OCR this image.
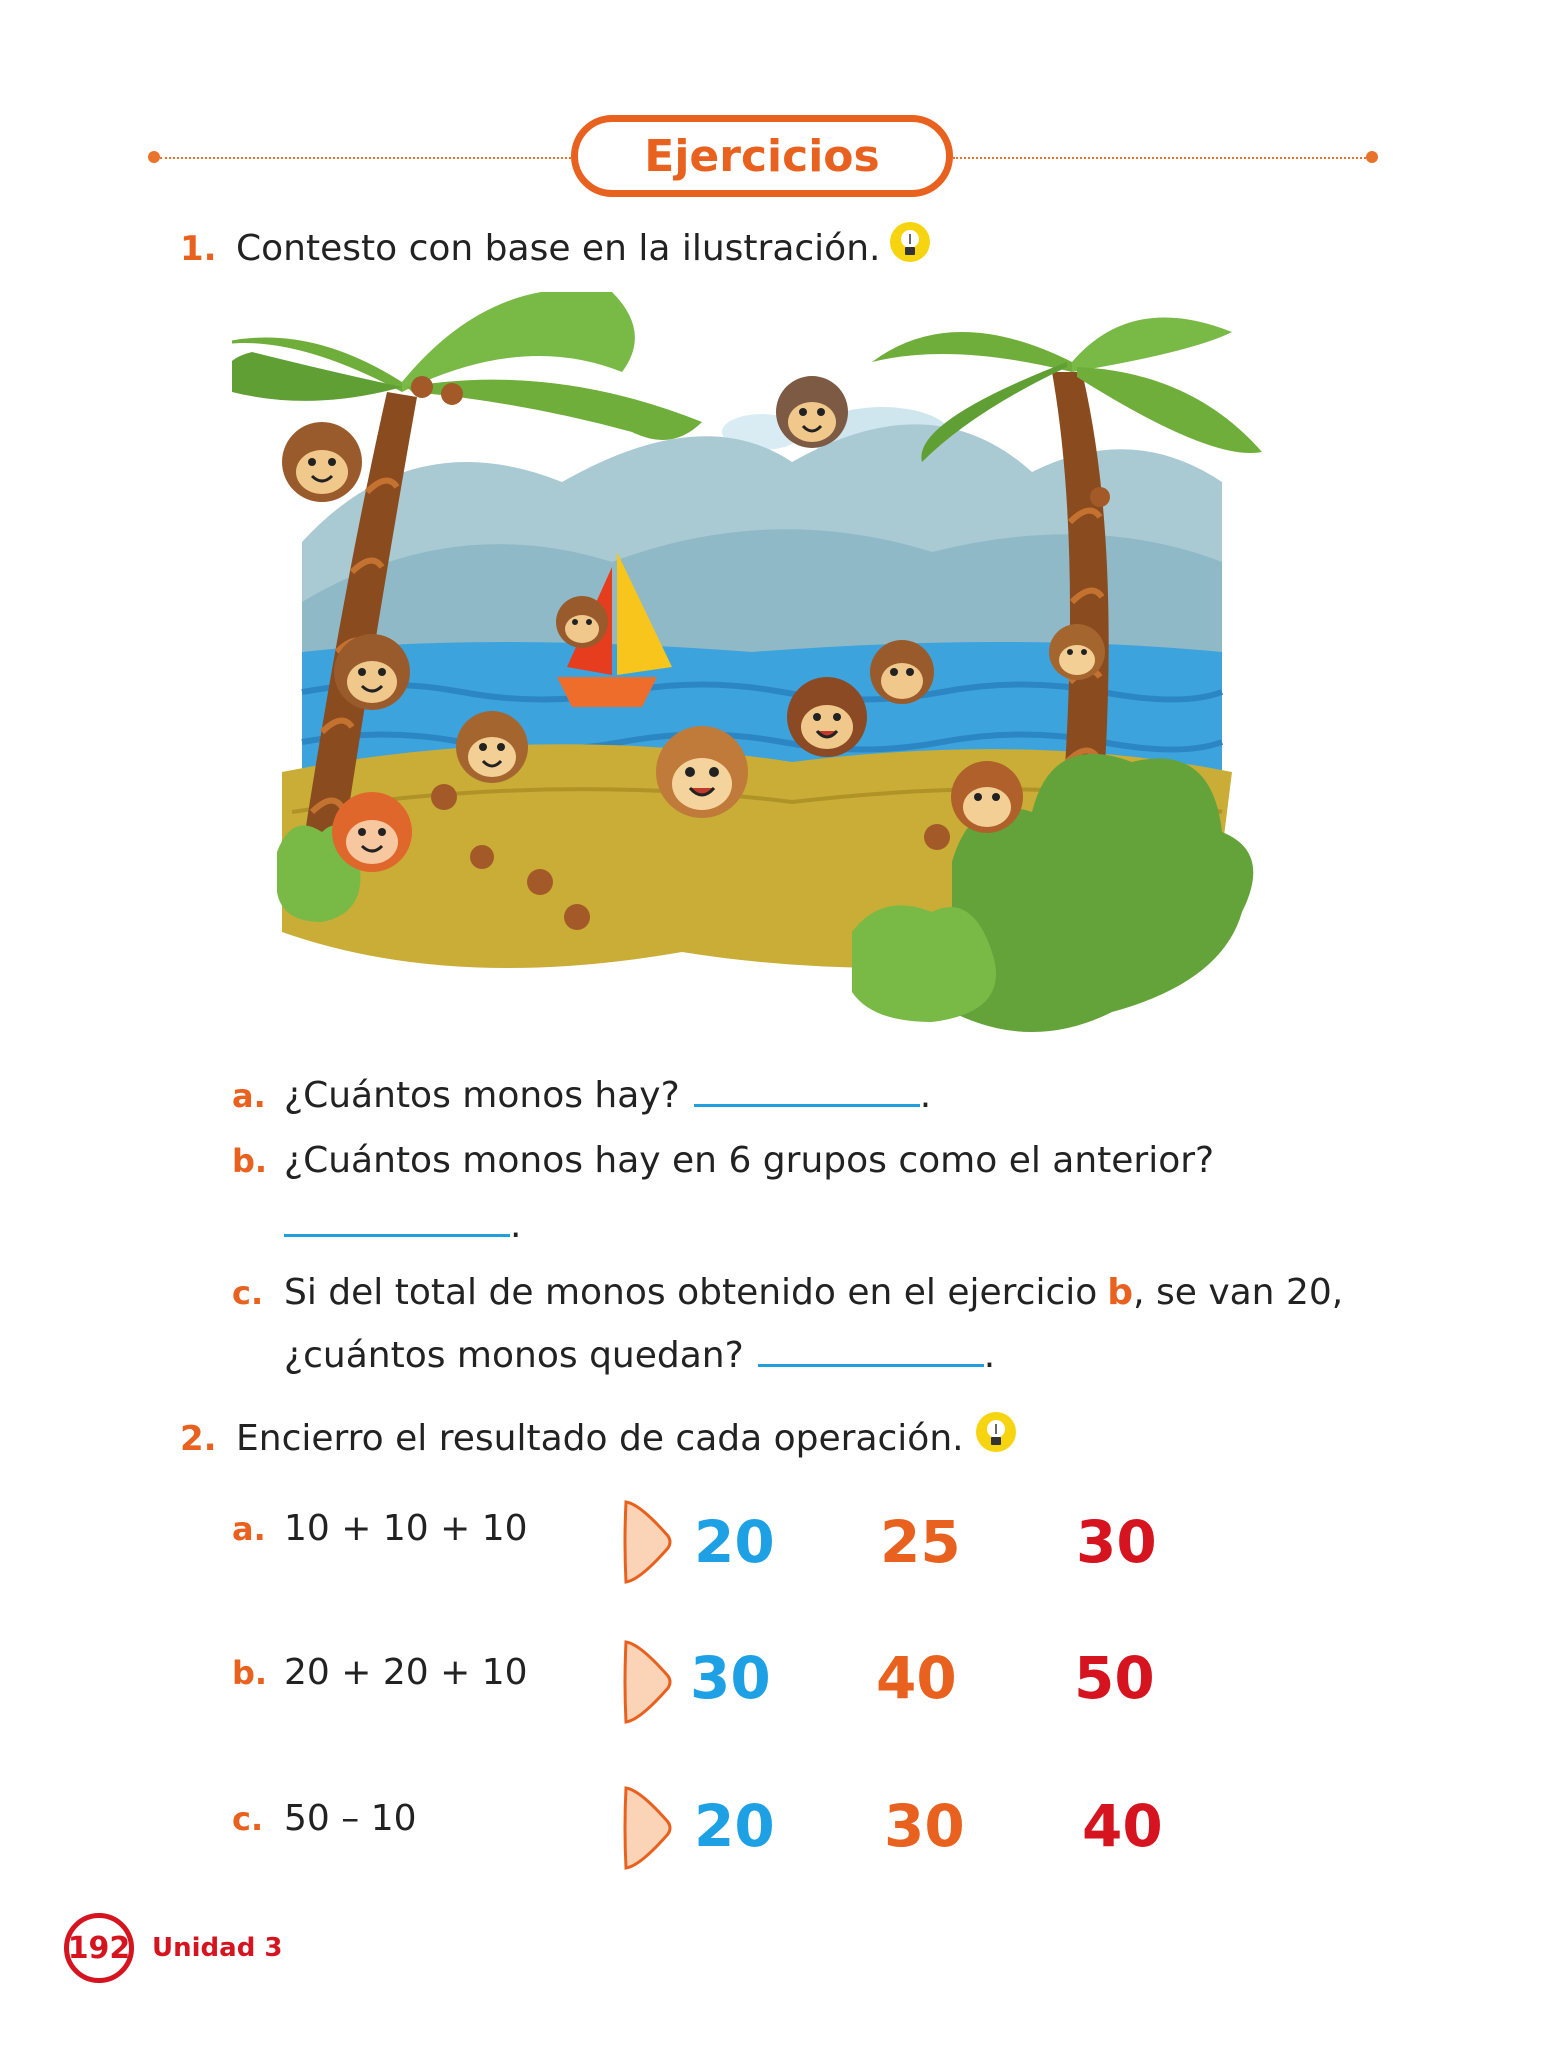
Ejercicios
1. Contesto con base en la ilustración.
a. ¿Cuántos monos hay?	.
b. ¿Cuántos monos hay en 6 grupos como el anterior?
.
c. Si del total de monos obtenido en el ejercicio b , se van 20,
¿cuántos monos quedan?	.
2. Encierro el resultado de cada operación.
a. 10 + 10 + 10	20 25 30
b. 20 + 20 + 10	30 40 50
c. 50 – 10	20 30 40
192 Unidad 3
